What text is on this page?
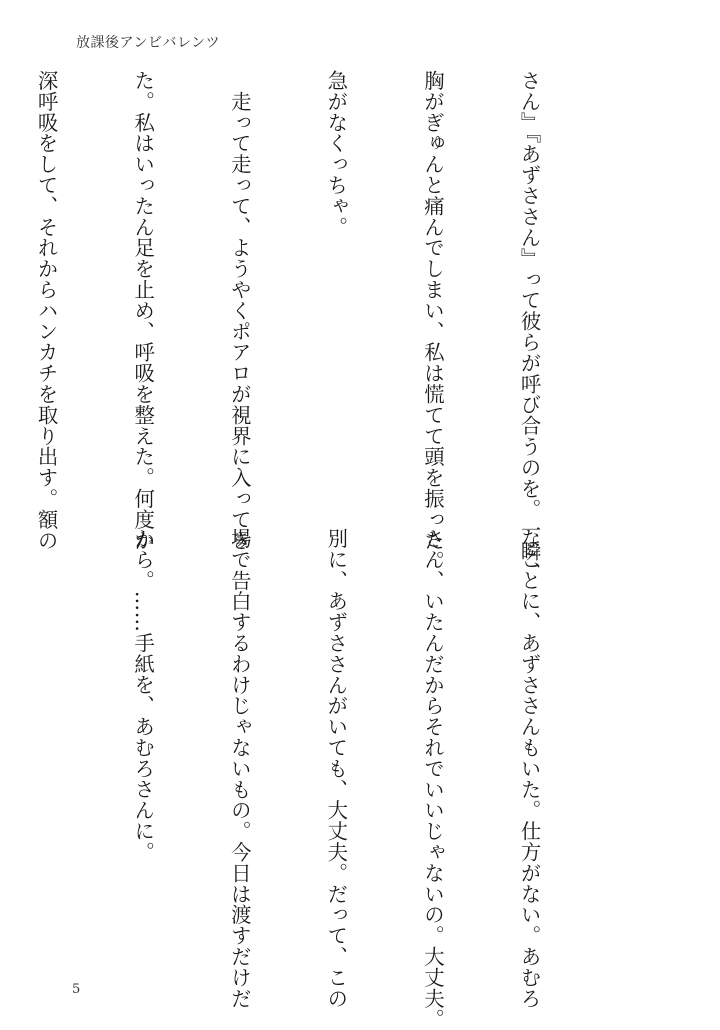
放課後アンビバレンツ

さん』『あずささん』って彼らが呼び合うのを。一瞬、

胸がぎゅんと痛んでしまい、私は慌てて頭を振った。

急がなくっちゃ。

　走って走って、ようやくポアロが視界に入ってき

た。私はいったん足を止め、呼吸を整えた。何度か

深呼吸をして、それからハンカチを取り出す。額の

なことに、あずささんもいた。仕方がない。あむろ

さん、いたんだからそれでいいじゃないの。大丈夫。

別に、あずささんがいても、大丈夫。だって、この

場で告白するわけじゃないもの。今日は渡すだけだ

から。……手紙を、あむろさんに。

5
